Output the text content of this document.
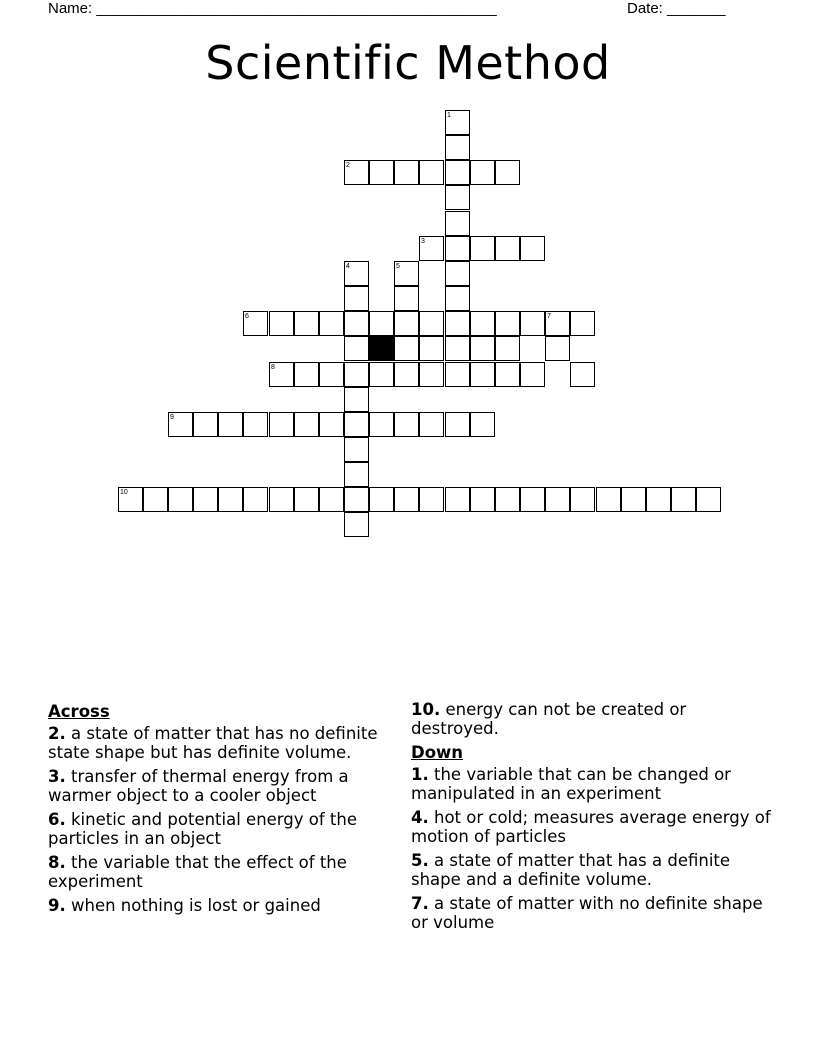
Name: ________________________________________________	Date: _______
Scientific Method
1
2
3
4	5
6	7
8
9
10
Across
2. a state of matter that has no definite state shape but has definite volume.
3. transfer of thermal energy from a warmer object to a cooler object
6. kinetic and potential energy of the particles in an object
8. the variable that the effect of the experiment
9. when nothing is lost or gained
10. energy can not be created or destroyed.
Down
1. the variable that can be changed or manipulated in an experiment
4. hot or cold; measures average energy of motion of particles
5. a state of matter that has a definite shape and a definite volume.
7. a state of matter with no definite shape or volume
